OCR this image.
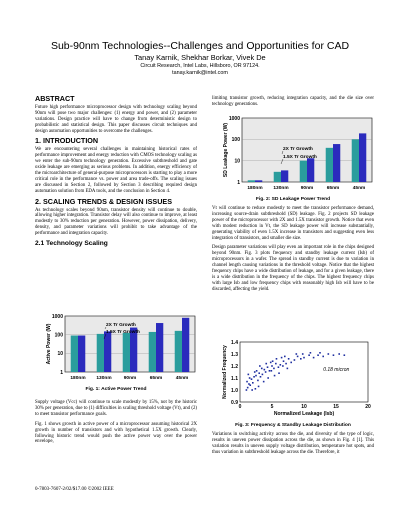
Sub-90nm Technologies--Challenges and Opportunities for CAD
Tanay Karnik, Shekhar Borkar, Vivek De
Circuit Research, Intel Labs, Hillsboro, OR 97124.
tanay.karnik@intel.com
ABSTRACT
Future high performance microprocessor design with technology scaling beyond 90nm will pose two major challenges: (1) energy and power, and (2) parameter variations. Design practice will have to change from deterministic design to probabilistic and statistical design. This paper discusses circuit techniques and design automation opportunities to overcome the challenges.
1. INTRODUCTION
We are encountering several challenges in maintaining historical rates of performance improvement and energy reduction with CMOS technology scaling as we enter the sub-90nm technology generation. Excessive subthreshold and gate oxide leakage are emerging as serious problems. In addition, energy efficiency of the microarchitecture of general-purpose microprocessors is starting to play a more critical role in the performance vs. power and area trade-offs. The scaling issues are discussed in Section 2, followed by Section 3 describing required design automation solution from EDA tools, and the conclusion in Section 4.
2. SCALING TRENDS & DESIGN ISSUES
As technology scales beyond 90nm, transistor density will continue to double, allowing higher integration. Transistor delay will also continue to improve, at least modestly to 30% reduction per generation. However, power dissipation, delivery, density, and parameter variations will prohibit to take advantage of the performance and integration capacity.
2.1 Technology Scaling
1000
100
10
1
Active Power (W)
180nm 130nm	90nm	65nm	45nm
2X Tr Growth
1.5X Tr Growth
Fig. 1: Active Power Trend
Supply voltage (Vcc) will continue to scale modestly by 15%, not by the historic 30% per generation, due to (1) difficulties in scaling threshold voltage (Vt), and (2) to meet transistor performance goals.
Fig. 1 shows growth in active power of a microprocessor assuming historical 2X growth in number of transistors and with hypothetical 1.5X growth. Clearly, following historic trend would push the active power way over the power envelope,
limiting transistor growth, reducing integration capacity, and the die size over technology generations.
1000
100
10
1
SD Leakage Power (W)
180nm 130nm	90nm	65nm	45nm
2X Tr Growth
1.5X Tr Growth
Fig. 2: SD Leakage Power Trend
Vt will continue to reduce modestly to meet the transistor performance demand, increasing source-drain subthreshold (SD) leakage. Fig. 2 projects SD leakage power of the microprocessor with 2X and 1.5X transistor growth. Notice that even with modest reduction in Vt, the SD leakage power will increase substantially, generating viability of even 1.5X increase in transistors and suggesting even less integration of transistors, and smaller die size.
Design parameter variations will play even an important role in the chips designed beyond 90nm. Fig. 3 plots frequency and standby leakage current (Isb) of microprocessors in a wafer. The spread in standby current is due to variation in channel length causing variations in the threshold voltage. Notice that the highest frequency chips have a wide distribution of leakage, and for a given leakage, there is a wide distribution in the frequency of the chips. The highest frequency chips with large Isb and low frequency chips with reasonably high Isb will have to be discarded, affecting the yield.
1.4
1.3
1.2
1.1
1.0
0.9
0	5	10	15	20
Normalized Frequency
Normalized Leakage (Isb)
0.18 micron
Fig. 3: Frequency & Standby Leakage Distribution
Variations in switching activity across the die, and diversity of the type of logic, results in uneven power dissipation across the die, as shown in Fig. 4 [1]. This variation results in uneven supply voltage distribution, temperature hot spots, and thus variation in subthreshold leakage across the die. Therefore, it
0-7803-7607-2/02/$17.00 ©2002 IEEE
